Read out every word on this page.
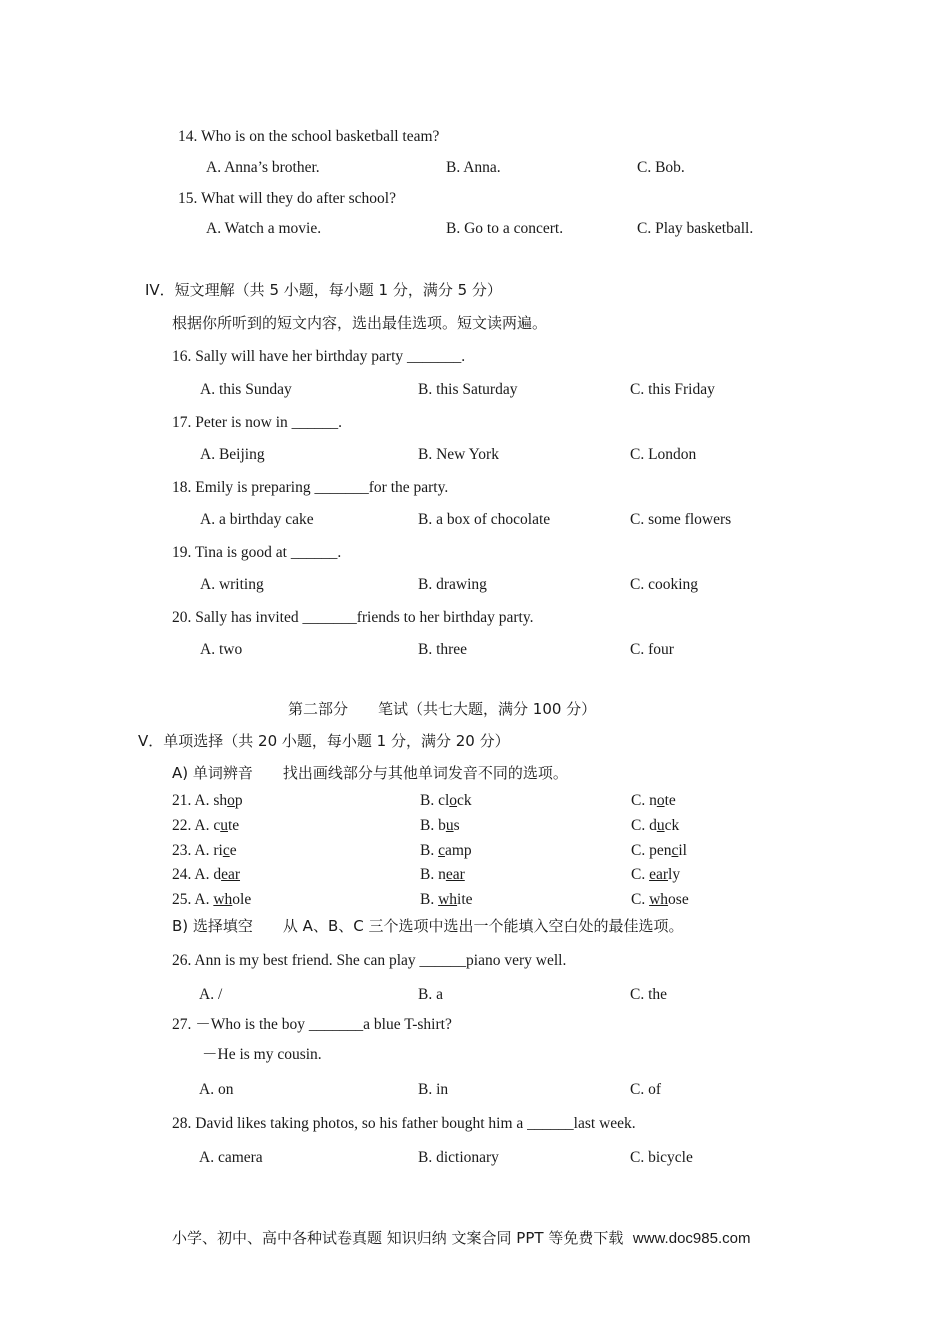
14. Who is on the school basketball team?
A. Anna’s brother.	B. Anna.	C. Bob.
15. What will they do after school?
A. Watch a movie.	B. Go to a concert.	C. Play basketball.
IV．短文理解（共 5 小题，每小题 1 分，满分 5 分）
根据你所听到的短文内容，选出最佳选项。短文读两遍。
16. Sally will have her birthday party _______.
A. this Sunday	B. this Saturday	C. this Friday
17. Peter is now in ______.
A. Beijing	B. New York	C. London
18. Emily is preparing _______for the party.
A. a birthday cake	B. a box of chocolate	C. some flowers
19. Tina is good at ______.
A. writing	B. drawing	C. cooking
20. Sally has invited _______friends to her birthday party.
A. two	B. three	C. four
第二部分　　笔试（共七大题，满分 100 分）
V．单项选择（共 20 小题，每小题 1 分，满分 20 分）
A) 单词辨音　　找出画线部分与其他单词发音不同的选项。
21. A. shop	B. clock	C. note
22. A. cute	B. bus	C. duck
23. A. rice	B. camp	C. pencil
24. A. dear	B. near	C. early
25. A. whole	B. white	C. whose
B) 选择填空　　从 A、B、C 三个选项中选出一个能填入空白处的最佳选项。
26. Ann is my best friend. She can play ______piano very well.
A. /	B. a	C. the
27. －Who is the boy _______a blue T-shirt?
－He is my cousin.
A. on	B. in	C. of
28. David likes taking photos, so his father bought him a ______last week.
A. camera	B. dictionary	C. bicycle
小学、初中、高中各种试卷真题 知识归纳 文案合同 PPT 等免费下载 www.doc985.com
